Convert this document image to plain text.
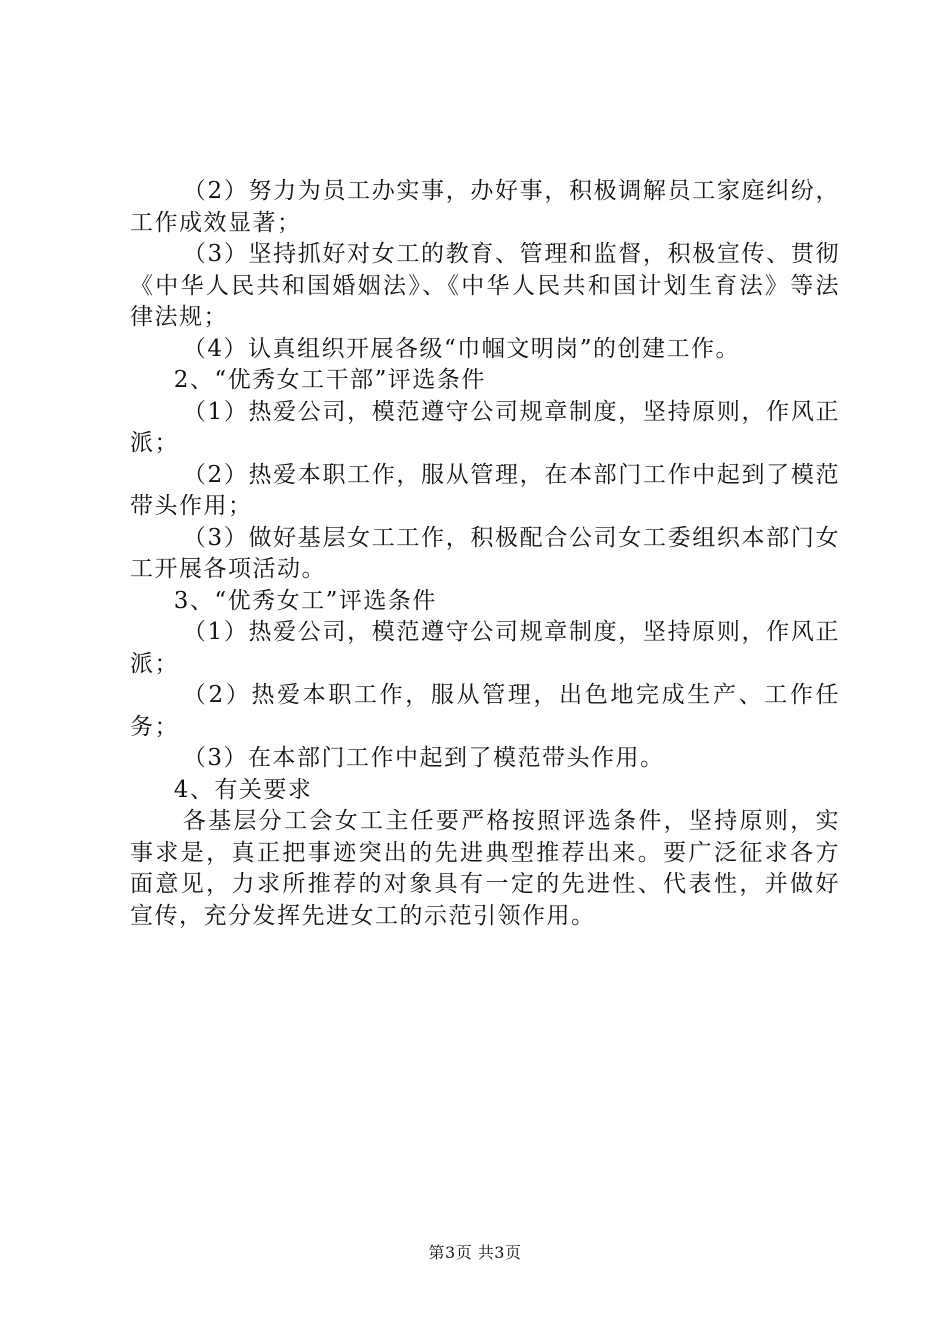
（2）努力为员工办实事，办好事，积极调解员工家庭纠纷，工作成效显著；

（3）坚持抓好对女工的教育、管理和监督，积极宣传、贯彻《中华人民共和国婚姻法》、《中华人民共和国计划生育法》等法律法规；

（4）认真组织开展各级“巾帼文明岗”的创建工作。

2、“优秀女工干部”评选条件

（1）热爱公司，模范遵守公司规章制度，坚持原则，作风正派；

（2）热爱本职工作，服从管理，在本部门工作中起到了模范带头作用；

（3）做好基层女工工作，积极配合公司女工委组织本部门女工开展各项活动。

3、“优秀女工”评选条件

（1）热爱公司，模范遵守公司规章制度，坚持原则，作风正派；

（2）热爱本职工作，服从管理，出色地完成生产、工作任务；

（3）在本部门工作中起到了模范带头作用。

4、有关要求

各基层分工会女工主任要严格按照评选条件，坚持原则，实事求是，真正把事迹突出的先进典型推荐出来。要广泛征求各方面意见，力求所推荐的对象具有一定的先进性、代表性，并做好宣传，充分发挥先进女工的示范引领作用。

第3页 共3页
